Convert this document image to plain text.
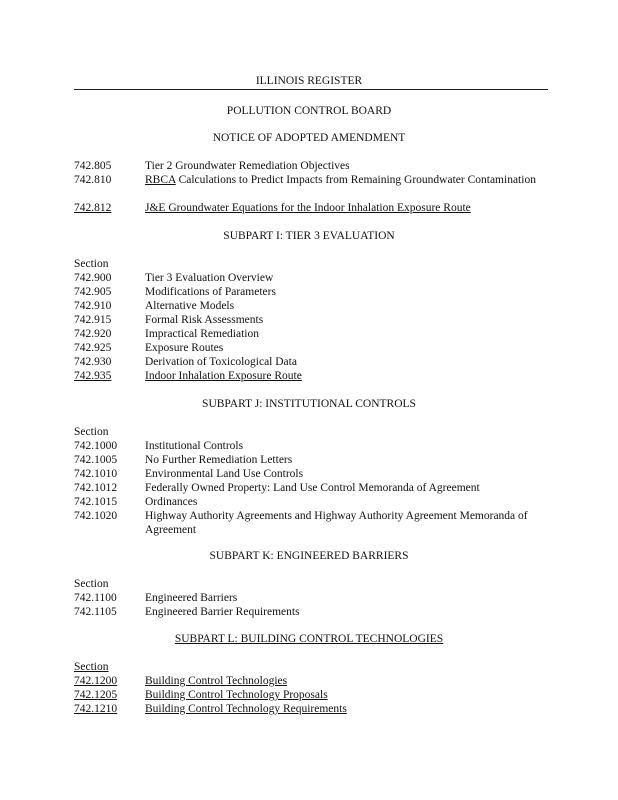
ILLINOIS REGISTER
POLLUTION CONTROL BOARD
NOTICE OF ADOPTED AMENDMENT
742.805	Tier 2 Groundwater Remediation Objectives
742.810	RBCA Calculations to Predict Impacts from Remaining Groundwater Contamination
742.812	J&E Groundwater Equations for the Indoor Inhalation Exposure Route
SUBPART I: TIER 3 EVALUATION
Section
742.900	Tier 3 Evaluation Overview
742.905	Modifications of Parameters
742.910	Alternative Models
742.915	Formal Risk Assessments
742.920	Impractical Remediation
742.925	Exposure Routes
742.930	Derivation of Toxicological Data
742.935	Indoor Inhalation Exposure Route
SUBPART J: INSTITUTIONAL CONTROLS
Section
742.1000 Institutional Controls
742.1005 No Further Remediation Letters
742.1010 Environmental Land Use Controls
742.1012 Federally Owned Property: Land Use Control Memoranda of Agreement
742.1015 Ordinances
742.1020 Highway Authority Agreements and Highway Authority Agreement Memoranda of Agreement
SUBPART K: ENGINEERED BARRIERS
Section
742.1100 Engineered Barriers
742.1105 Engineered Barrier Requirements
SUBPART L: BUILDING CONTROL TECHNOLOGIES
Section
742.1200 Building Control Technologies
742.1205 Building Control Technology Proposals
742.1210 Building Control Technology Requirements
